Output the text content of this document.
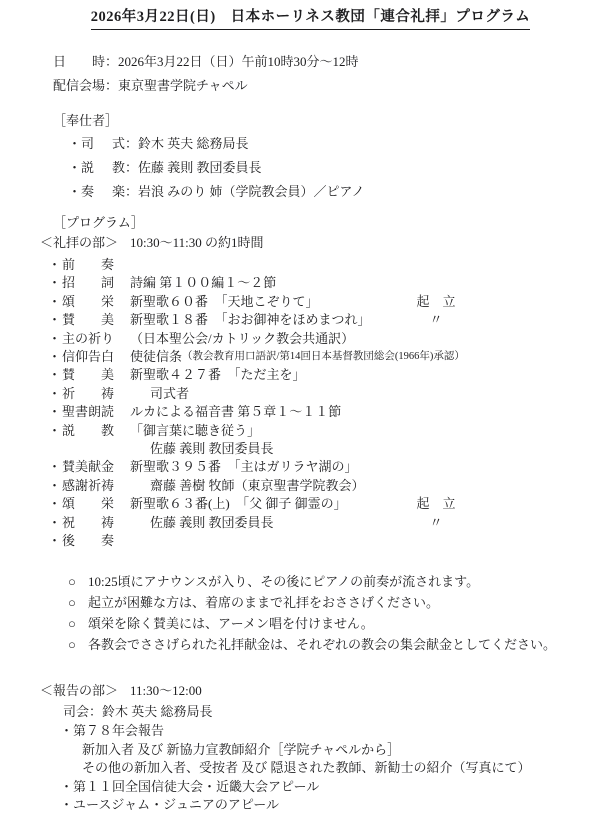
2026年3月22日(日)　日本ホーリネス教団「連合礼拝」プログラム
日時：2026年3月22日（日）午前10時30分～12時
配信会場：東京聖書学院チャペル
［奉仕者］
・司式：鈴木 英夫 総務局長
・説教：佐藤 義則 教団委員長
・奏楽：岩浪 みのり 姉（学院教会員）／ピアノ
［プログラム］
＜礼拝の部＞ 10:30～11:30 の約1時間
・ 前奏
・ 招詞 詩編 第１００編１～２節
・ 頌栄 新聖歌６０番　「天地こぞりて」	起　立
・ 賛美 新聖歌１８番　「おお御神をほめまつれ」	〃
・ 主の祈り （日本聖公会/カトリック教会共通訳）
・ 信仰告白 使徒信条 （教会教育用口語訳/第14回日本基督教団総会(1966年)承認）
・ 賛美 新聖歌４２７番　「ただ主を」
・ 祈祷	司式者
・ 聖書朗読 ルカによる福音書 第５章１～１１節
・ 説教 「御言葉に聴き従う」
佐藤 義則 教団委員長
・ 賛美献金 新聖歌３９５番　「主はガリラヤ湖の」
・ 感謝祈祷	齋藤 善樹 牧師（東京聖書学院教会）
・ 頌栄 新聖歌６３番(上)　「父 御子 御霊の」	起　立
・ 祝祷	佐藤 義則 教団委員長	〃
・ 後奏
○ 10:25頃にアナウンスが入り、その後にピアノの前奏が流されます。
○ 起立が困難な方は、着席のままで礼拝をおささげください。
○ 頌栄を除く賛美には、アーメン唱を付けません。
○ 各教会でささげられた礼拝献金は、それぞれの教会の集会献金としてください。
＜報告の部＞ 11:30～12:00
司会：鈴木 英夫 総務局長
・第７８年会報告
新加入者 及び 新協力宣教師紹介［学院チャペルから］
その他の新加入者、受按者 及び 隠退された教師、新勧士の紹介（写真にて）
・第１１回全国信徒大会・近畿大会アピール
・ユースジャム・ジュニアのアピール
